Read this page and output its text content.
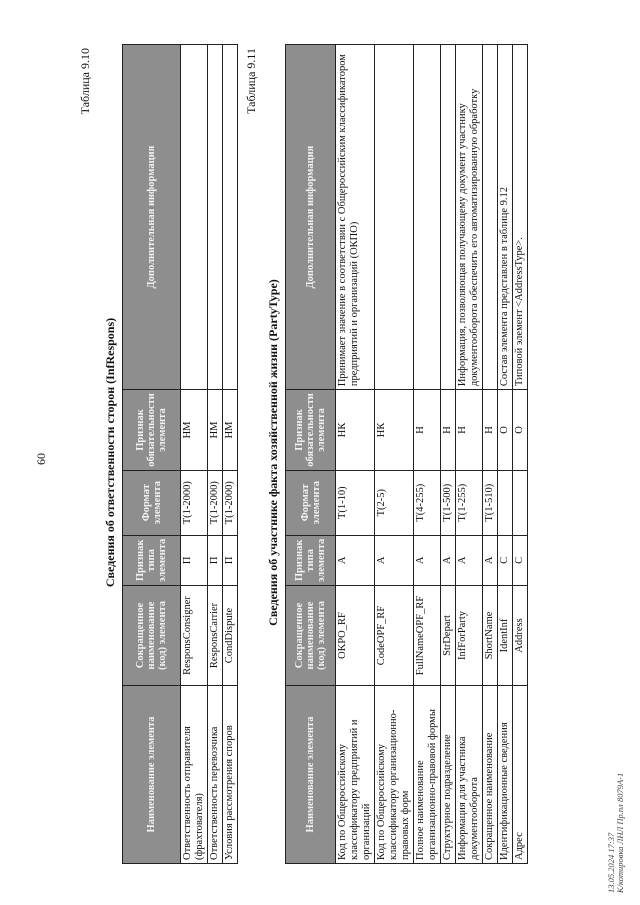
60
Таблица 9.10
Сведения об ответственности сторон (InfRespons)
Наименование элемента	Сокращенное наименование (код) элемента	Признак типа элемента	Формат элемента	Признак обязательности элемента	Дополнительная информация
Ответственность отправителя (фрахтователя)	ResponsConsigner	П	T(1-2000)	НМ	
Ответственность перевозчика	ResponsCarrier	П	T(1-2000)	НМ	
Условия рассмотрения споров	CondDispute	П	T(1-2000)	НМ	
Таблица 9.11
Сведения об участнике факта хозяйственной жизни (PartyType)
Наименование элемента	Сокращенное наименование (код) элемента	Признак типа элемента	Формат элемента	Признак обязательности элемента	Дополнительная информация
Код по Общероссийскому классификатору предприятий и организаций	OKPO_RF	А	T(1-10)	НК	Принимает значение в соответствии с Общероссийским классификатором предприятий и организаций (ОКПО)
Код по Общероссийскому классификатору организационно-правовых форм	CodeOPF_RF	А	T(2-5)	НК	
Полное наименование организационно-правовой формы	FullNameOPF_RF	А	T(4-255)	Н	
Структурное подразделение	StrDepart	А	T(1-500)	Н	
Информация для участника документооборота	InfForParty	А	T(1-255)	Н	Информация, позволяющая получающему документ участнику документооборота обеспечить его автоматизированную обработку
Сокращенное наименование	ShortName	А	T(1-510)	Н	
Идентификационные сведения	IdentInf	С		О	Состав элемента представлен в таблице 9.12
Адрес	Address	С		О	Типовой элемент <AddressType>.
13.05.2024 17:37 К/котировка ЛНЛ Пр.пл 8079А-1
